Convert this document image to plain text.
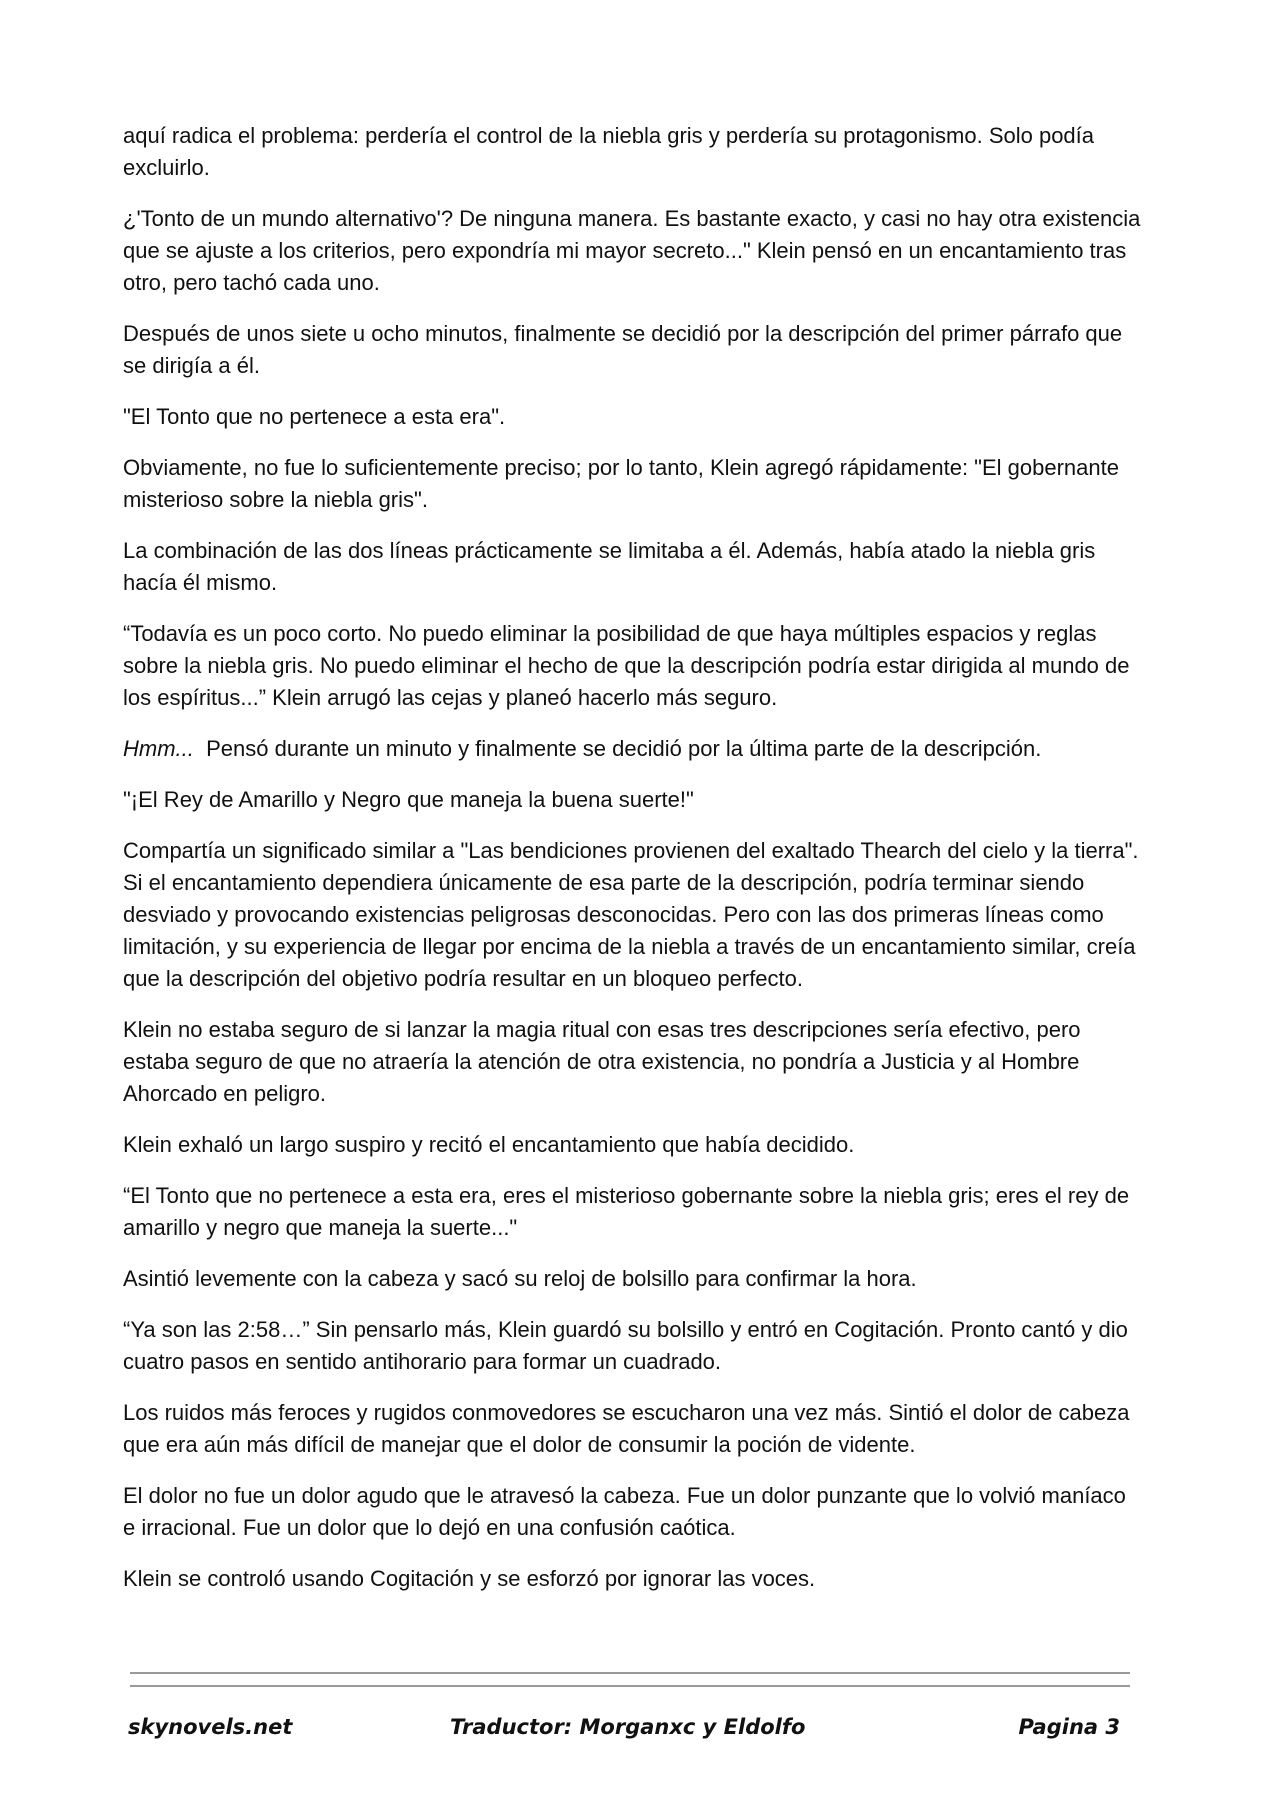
aquí radica el problema: perdería el control de la niebla gris y perdería su protagonismo. Solo podía excluirlo.

¿'Tonto de un mundo alternativo'? De ninguna manera. Es bastante exacto, y casi no hay otra existencia que se ajuste a los criterios, pero expondría mi mayor secreto..." Klein pensó en un encantamiento tras otro, pero tachó cada uno.

Después de unos siete u ocho minutos, finalmente se decidió por la descripción del primer párrafo que se dirigía a él.

"El Tonto que no pertenece a esta era".

Obviamente, no fue lo suficientemente preciso; por lo tanto, Klein agregó rápidamente: "El gobernante misterioso sobre la niebla gris".

La combinación de las dos líneas prácticamente se limitaba a él. Además, había atado la niebla gris hacía él mismo.

“Todavía es un poco corto. No puedo eliminar la posibilidad de que haya múltiples espacios y reglas sobre la niebla gris. No puedo eliminar el hecho de que la descripción podría estar dirigida al mundo de los espíritus...” Klein arrugó las cejas y planeó hacerlo más seguro.

Hmm... Pensó durante un minuto y finalmente se decidió por la última parte de la descripción.

"¡El Rey de Amarillo y Negro que maneja la buena suerte!"

Compartía un significado similar a "Las bendiciones provienen del exaltado Thearch del cielo y la tierra". Si el encantamiento dependiera únicamente de esa parte de la descripción, podría terminar siendo desviado y provocando existencias peligrosas desconocidas. Pero con las dos primeras líneas como limitación, y su experiencia de llegar por encima de la niebla a través de un encantamiento similar, creía que la descripción del objetivo podría resultar en un bloqueo perfecto.

Klein no estaba seguro de si lanzar la magia ritual con esas tres descripciones sería efectivo, pero estaba seguro de que no atraería la atención de otra existencia, no pondría a Justicia y al Hombre Ahorcado en peligro.

Klein exhaló un largo suspiro y recitó el encantamiento que había decidido.

“El Tonto que no pertenece a esta era, eres el misterioso gobernante sobre la niebla gris; eres el rey de amarillo y negro que maneja la suerte..."

Asintió levemente con la cabeza y sacó su reloj de bolsillo para confirmar la hora.

“Ya son las 2:58…” Sin pensarlo más, Klein guardó su bolsillo y entró en Cogitación. Pronto cantó y dio cuatro pasos en sentido antihorario para formar un cuadrado.

Los ruidos más feroces y rugidos conmovedores se escucharon una vez más. Sintió el dolor de cabeza que era aún más difícil de manejar que el dolor de consumir la poción de vidente.

El dolor no fue un dolor agudo que le atravesó la cabeza. Fue un dolor punzante que lo volvió maníaco e irracional. Fue un dolor que lo dejó en una confusión caótica.

Klein se controló usando Cogitación y se esforzó por ignorar las voces.

skynovels.net	Traductor: Morganxc y Eldolfo	Pagina 3
